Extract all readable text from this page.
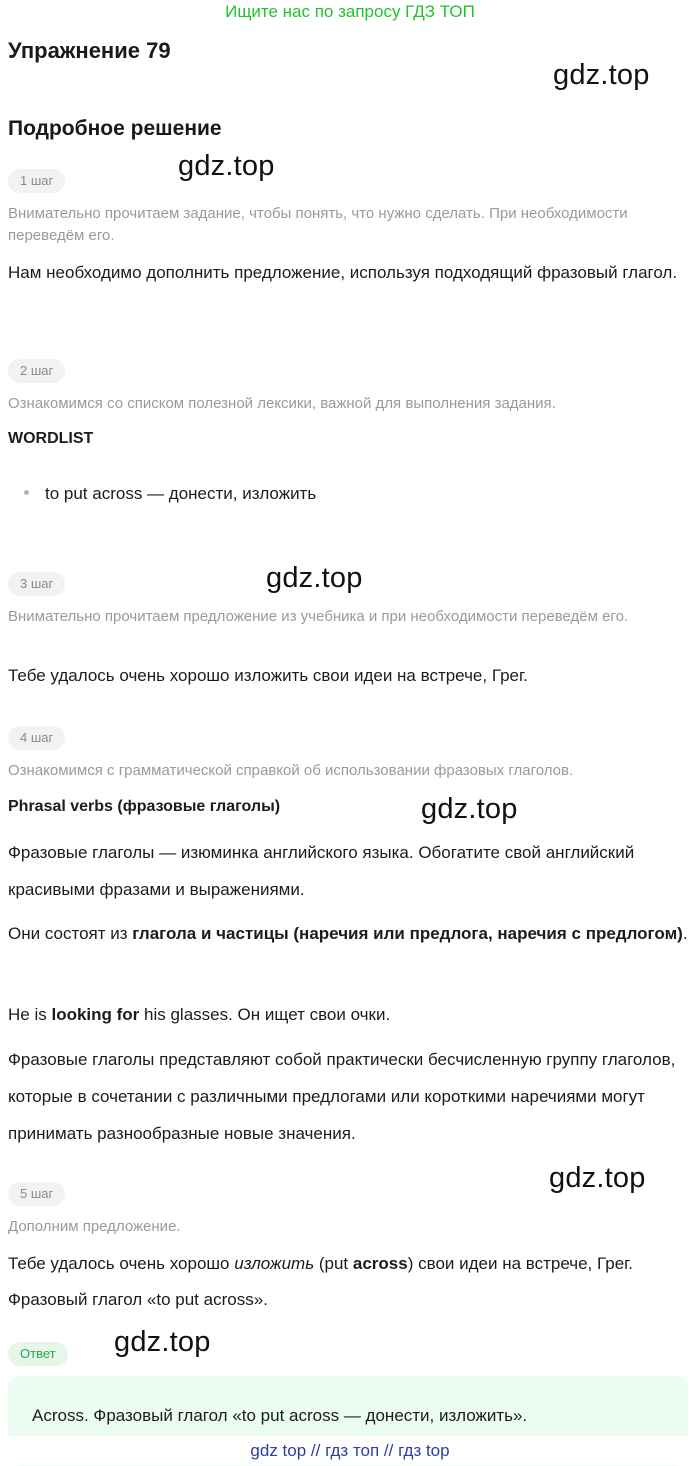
Ищите нас по запросу ГДЗ ТОП
Упражнение 79
gdz.top
Подробное решение
gdz.top
1 шаг
Внимательно прочитаем задание, чтобы понять, что нужно сделать. При необходимости переведём его.
Нам необходимо дополнить предложение, используя подходящий фразовый глагол.
2 шаг
Ознакомимся со списком полезной лексики, важной для выполнения задания.
WORDLIST
to put across — донести, изложить
gdz.top
3 шаг
Внимательно прочитаем предложение из учебника и при необходимости переведём его.
Тебе удалось очень хорошо изложить свои идеи на встрече, Грег.
4 шаг
Ознакомимся с грамматической справкой об использовании фразовых глаголов.
Phrasal verbs (фразовые глаголы)	gdz.top
Фразовые глаголы — изюминка английского языка. Обогатите свой английский красивыми фразами и выражениями.
Они состоят из глагола и частицы (наречия или предлога, наречия с предлогом).
He is looking for his glasses. Он ищет свои очки.
Фразовые глаголы представляют собой практически бесчисленную группу глаголов, которые в сочетании с различными предлогами или короткими наречиями могут принимать разнообразные новые значения.
gdz.top
5 шаг
Дополним предложение.
Тебе удалось очень хорошо изложить (put across) свои идеи на встрече, Грег.
Фразовый глагол «to put across».
gdz.top
Ответ
Across. Фразовый глагол «to put across — донести, изложить».
gdz top // гдз топ // гдз top
